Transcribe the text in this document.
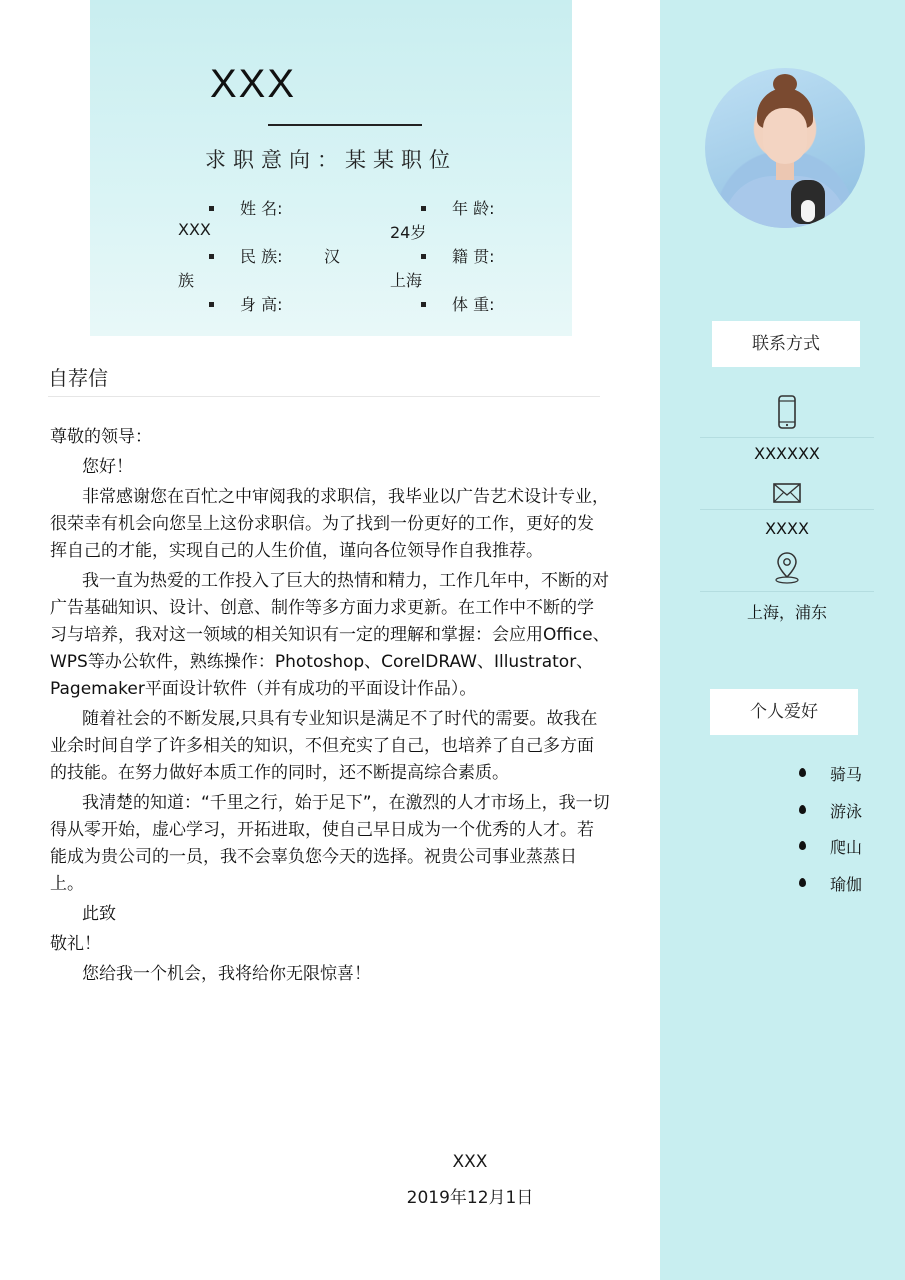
XXX
求职意向：某某职位
姓 名:
XXX
年 龄:
24岁
民 族:	汉
族
籍 贯:
上海
身 高:	体 重:
自荐信

尊敬的领导：

您好！

非常感谢您在百忙之中审阅我的求职信，我毕业以广告艺术设计专业，很荣幸有机会向您呈上这份求职信。为了找到一份更好的工作，更好的发挥自己的才能，实现自己的人生价值，谨向各位领导作自我推荐。

我一直为热爱的工作投入了巨大的热情和精力，工作几年中，不断的对广告基础知识、设计、创意、制作等多方面力求更新。在工作中不断的学习与培养，我对这一领域的相关知识有一定的理解和掌握：会应用Office、WPS等办公软件，熟练操作：Photoshop、CorelDRAW、Illustrator、Pagemaker平面设计软件（并有成功的平面设计作品）。

随着社会的不断发展,只具有专业知识是满足不了时代的需要。故我在业余时间自学了许多相关的知识，不但充实了自己，也培养了自己多方面的技能。在努力做好本质工作的同时，还不断提高综合素质。

我清楚的知道：“千里之行，始于足下”，在激烈的人才市场上，我一切得从零开始，虚心学习，开拓进取，使自己早日成为一个优秀的人才。若能成为贵公司的一员，我不会辜负您今天的选择。祝贵公司事业蒸蒸日上。

此致

敬礼！

您给我一个机会，我将给你无限惊喜！

XXX
2019年12月1日
联系方式
XXXXXX
XXXX
上海，浦东
个人爱好
骑马
游泳
爬山
瑜伽
